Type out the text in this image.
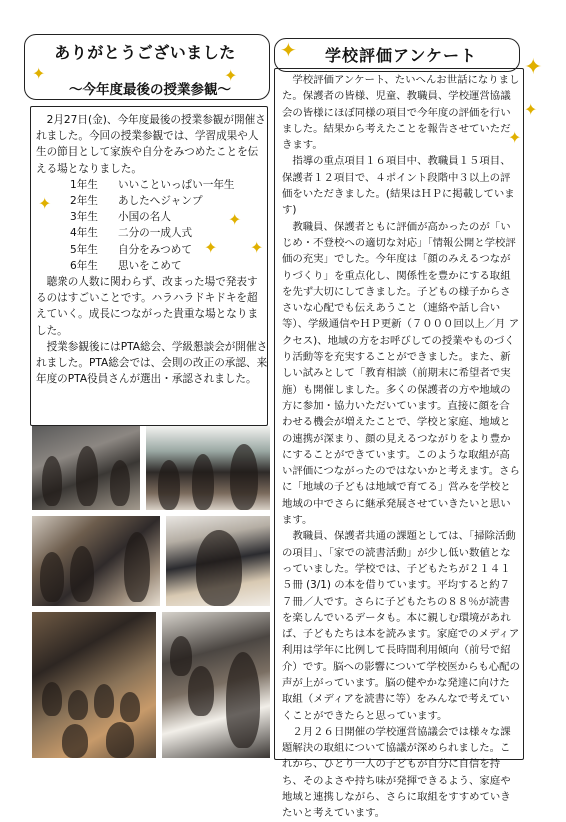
ありがとうございました
～今年度最後の授業参観～
✦	✦

2月27日(金)、今年度最後の授業参観が開催されました。今回の授業参観では、学習成果や人生の節目として家族や自分をみつめたことを伝える場となりました。

1年生	いいこといっぱい一年生
2年生	あしたへジャンプ
3年生	小国の名人
4年生	二分の一成人式
5年生	自分をみつめて
6年生	思いをこめて

聴衆の人数に関わらず、改まった場で発表するのはすごいことです。ハラハラドキドキを超えていく。成長につながった貴重な場となりました。

授業参観後にはPTA総会、学級懇談会が開催されました。PTA総会では、会則の改正の承認、来年度のPTA役員さんが選出・承認されました。

✦
✦
✦ ✦
学校評価アンケート
✦
✦
✦
✦

学校評価アンケート、たいへんお世話になりました。保護者の皆様、児童、教職員、学校運営協議会の皆様にほぼ同様の項目で今年度の評価を行いました。結果から考えたことを報告させていただきます。

指導の重点項目１６項目中、教職員１５項目、保護者１２項目で、４ポイント段階中３以上の評価をいただきました。(結果はＨＰに掲載しています)

教職員、保護者ともに評価が高かったのが「いじめ・不登校への適切な対応」「情報公開と学校評価の充実」でした。今年度は「顔のみえるつながりづくり」を重点化し、関係性を豊かにする取組を先ず大切にしてきました。子どもの様子からささいな心配でも伝えあうこと（連絡や話し合い等）、学級通信やＨＰ更新（７０００回以上／月 アクセス)、地域の方をお呼びしての授業やものづくり活動等を充実することができました。また、新しい試みとして「教育相談（前期末に希望者で実施）も開催しました。多くの保護者の方や地域の方に参加・協力いただいています。直接に顔を合わせる機会が増えたことで、学校と家庭、地域との連携が深まり、顔の見えるつながりをより豊かにすることができています。このような取組が高い評価につながったのではないかと考えます。さらに「地域の子どもは地域で育てる」営みを学校と地域の中でさらに継承発展させていきたいと思います。

教職員、保護者共通の課題としては、「掃除活動の項目」、「家での読書活動」が少し低い数値となっていました。学校では、子どもたちが２１４１５冊 (3/1) の本を借りています。平均すると約７７冊／人です。さらに子どもたちの８８％が読書を楽しんでいるデータも。本に親しむ環境があれば、子どもたちは本を読みます。家庭でのメディア利用は学年に比例して長時間利用傾向（前号で紹介）です。脳への影響について学校医からも心配の声が上がっています。脳の健やかな発達に向けた取組（メディアを読書に等）をみんなで考えていくことができたらと思っています。

２月２６日開催の学校運営協議会では様々な課題解決の取組について協議が深められました。これから、ひとり一人の子どもが自分に自信を持ち、そのよさや持ち味が発揮できるよう、家庭や地域と連携しながら、さらに取組をすすめていきたいと考えています。
